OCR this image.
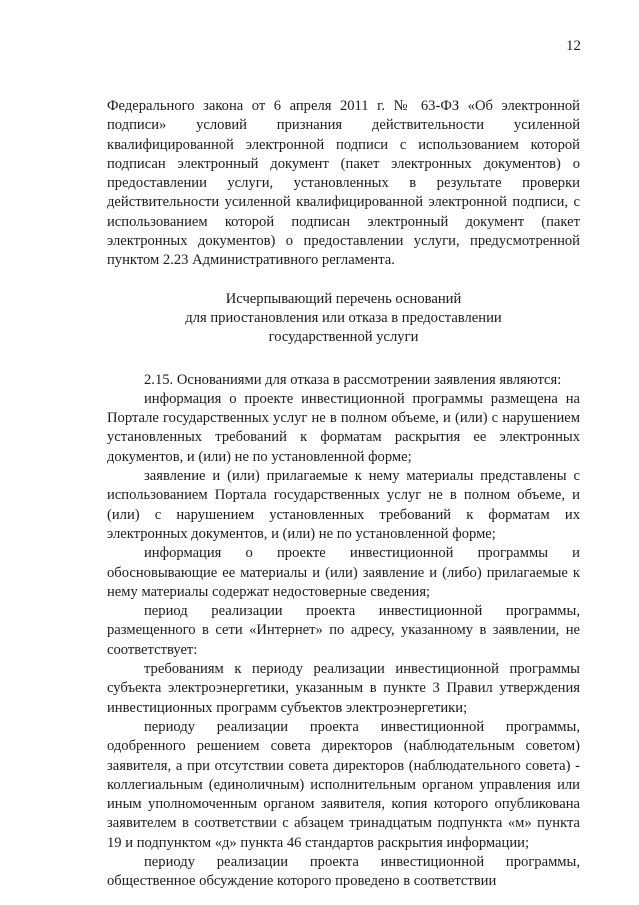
12

Федерального закона от 6 апреля 2011 г. № 63-ФЗ «Об электронной подписи» условий признания действительности усиленной квалифицированной электронной подписи с использованием которой подписан электронный документ (пакет электронных документов) о предоставлении услуги, установленных в результате проверки действительности усиленной квалифицированной электронной подписи, с использованием которой подписан электронный документ (пакет электронных документов) о предоставлении услуги, предусмотренной пунктом 2.23 Административного регламента.

Исчерпывающий перечень оснований
для приостановления или отказа в предоставлении
государственной услуги

2.15. Основаниями для отказа в рассмотрении заявления являются:

информация о проекте инвестиционной программы размещена на Портале государственных услуг не в полном объеме, и (или) с нарушением установленных требований к форматам раскрытия ее электронных документов, и (или) не по установленной форме;

заявление и (или) прилагаемые к нему материалы представлены с использованием Портала государственных услуг не в полном объеме, и (или) с нарушением установленных требований к форматам их электронных документов, и (или) не по установленной форме;

информация о проекте инвестиционной программы и обосновывающие ее материалы и (или) заявление и (либо) прилагаемые к нему материалы содержат недостоверные сведения;

период реализации проекта инвестиционной программы, размещенного в сети «Интернет» по адресу, указанному в заявлении, не соответствует:

требованиям к периоду реализации инвестиционной программы субъекта электроэнергетики, указанным в пункте 3 Правил утверждения инвестиционных программ субъектов электроэнергетики;

периоду реализации проекта инвестиционной программы, одобренного решением совета директоров (наблюдательным советом) заявителя, а при отсутствии совета директоров (наблюдательного совета) - коллегиальным (единоличным) исполнительным органом управления или иным уполномоченным органом заявителя, копия которого опубликована заявителем в соответствии с абзацем тринадцатым подпункта «м» пункта 19 и подпунктом «д» пункта 46 стандартов раскрытия информации;

периоду реализации проекта инвестиционной программы, общественное обсуждение которого проведено в соответствии
